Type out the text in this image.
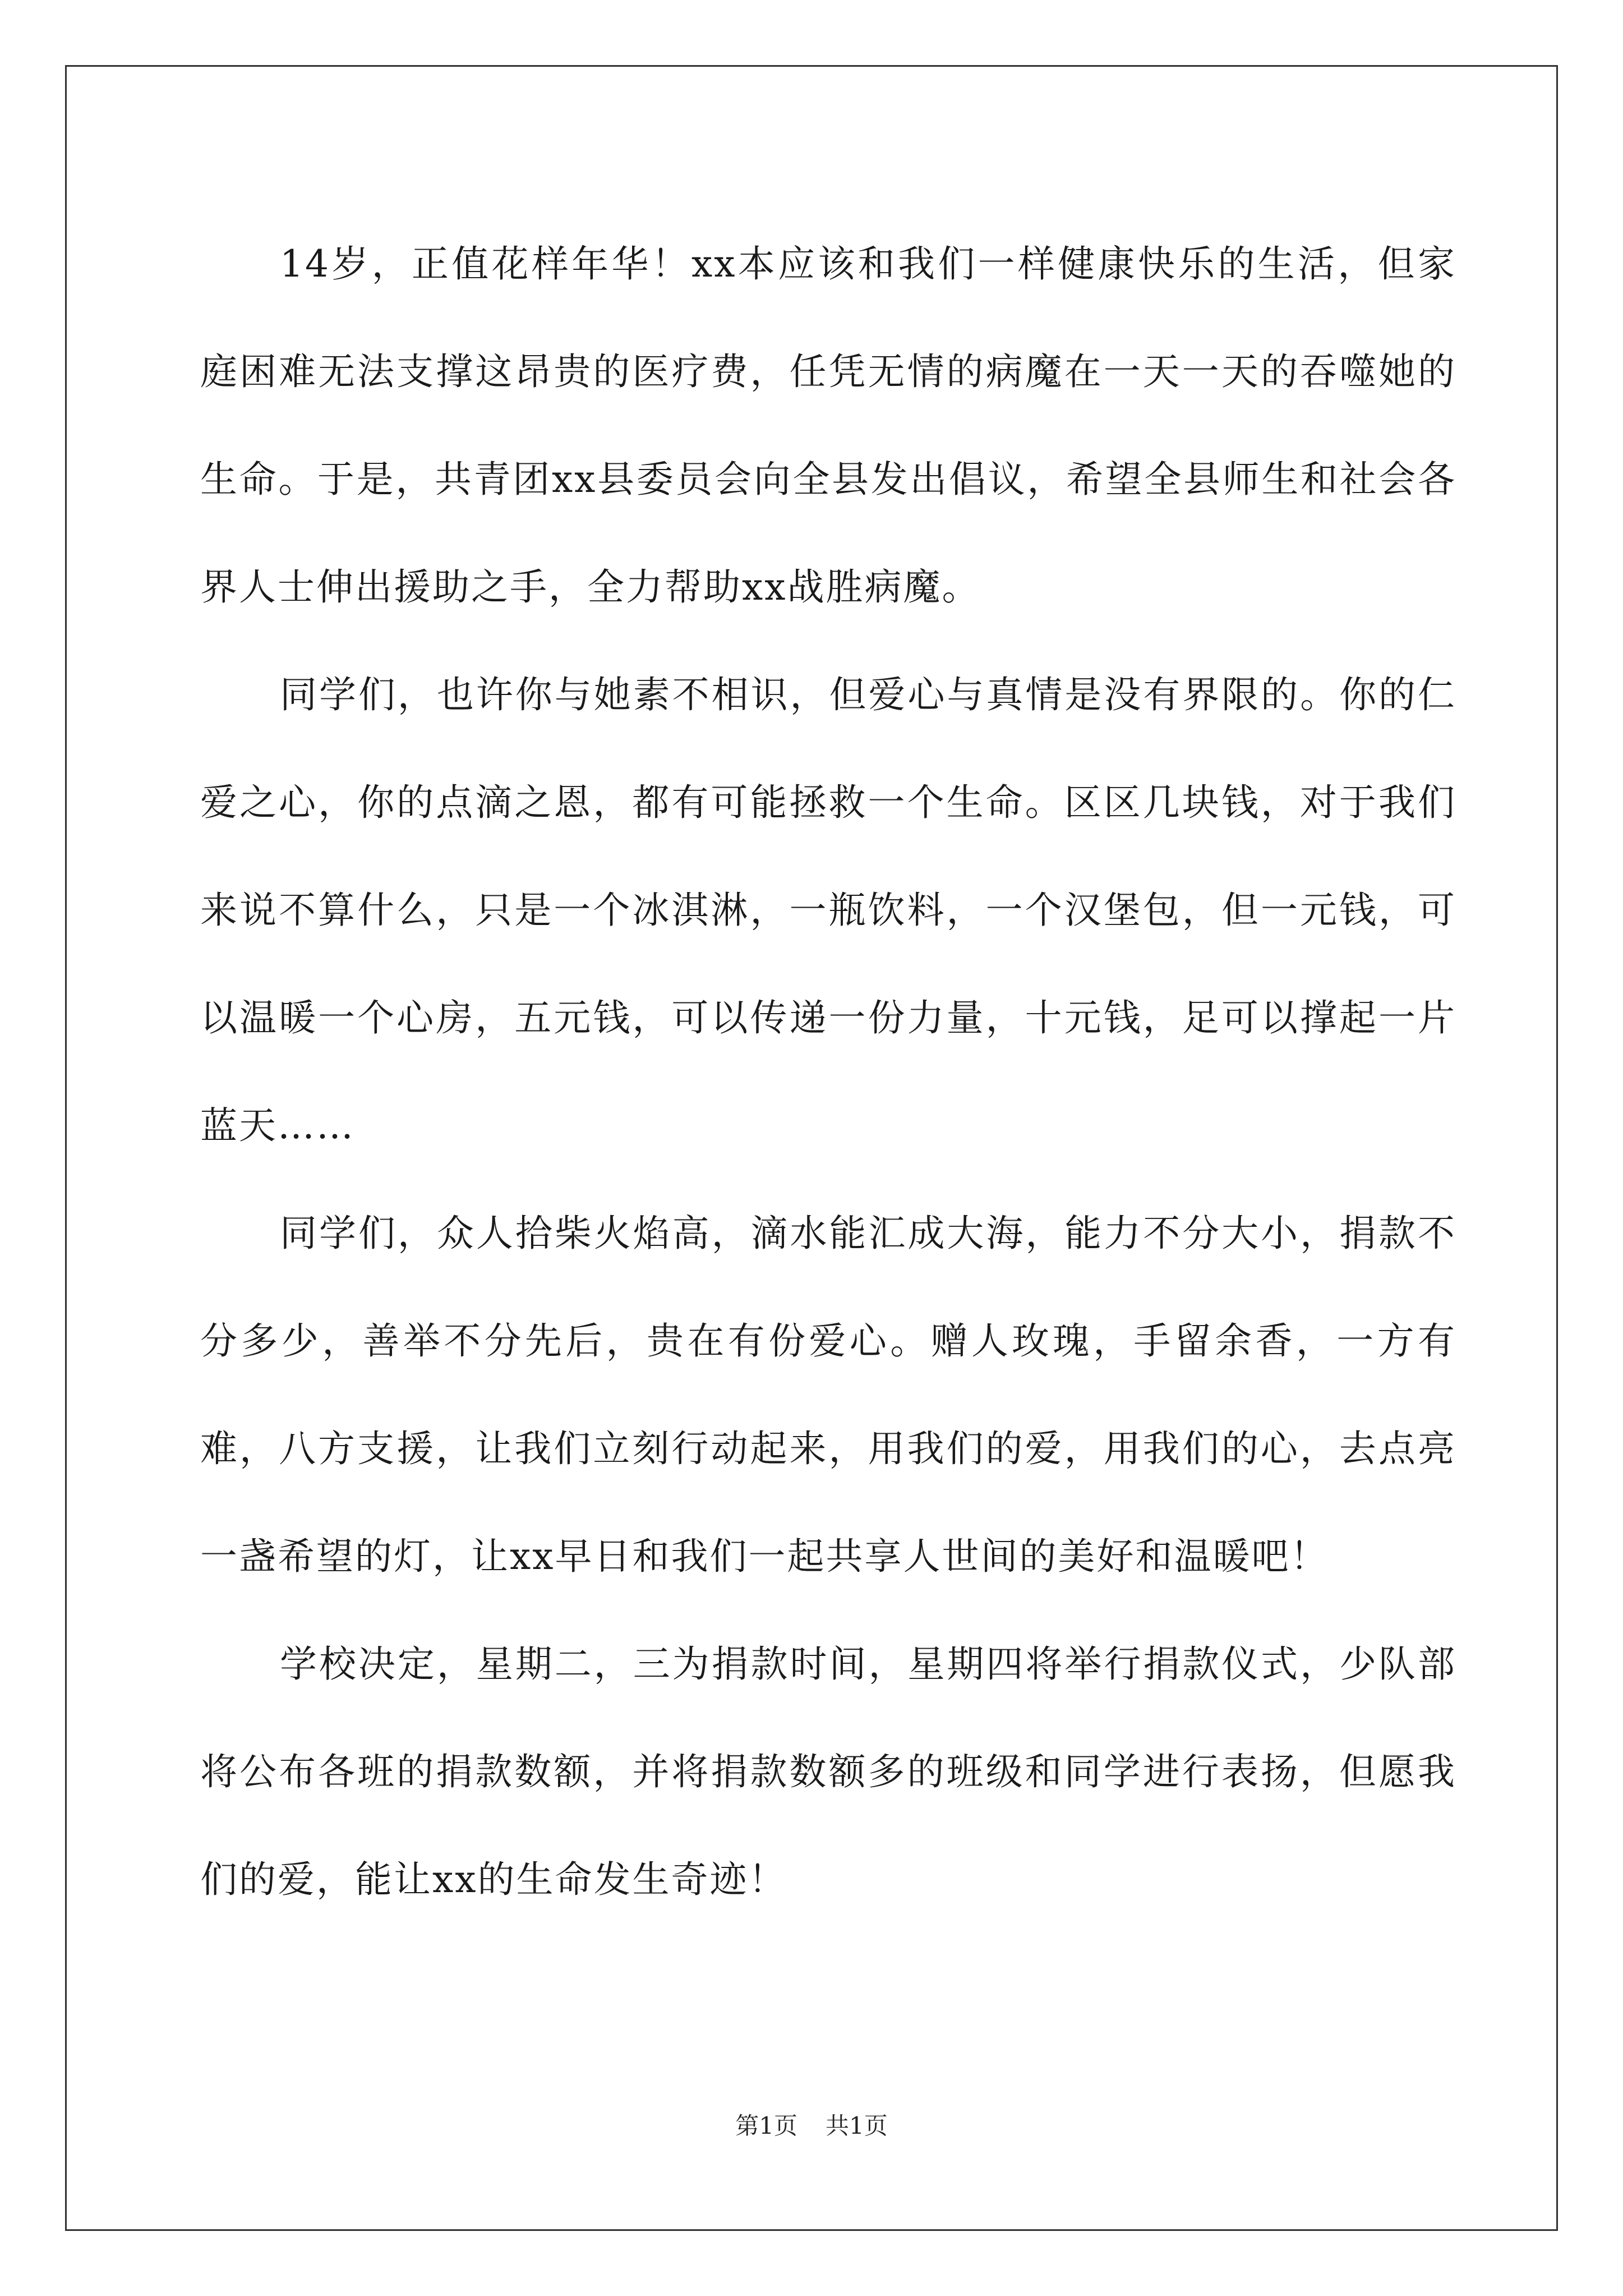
14岁，正值花样年华！xx本应该和我们一样健康快乐的生活，但家庭困难无法支撑这昂贵的医疗费，任凭无情的病魔在一天一天的吞噬她的生命。于是，共青团xx县委员会向全县发出倡议，希望全县师生和社会各界人士伸出援助之手，全力帮助xx战胜病魔。

同学们，也许你与她素不相识，但爱心与真情是没有界限的。你的仁爱之心，你的点滴之恩，都有可能拯救一个生命。区区几块钱，对于我们来说不算什么，只是一个冰淇淋，一瓶饮料，一个汉堡包，但一元钱，可以温暖一个心房，五元钱，可以传递一份力量，十元钱，足可以撑起一片蓝天……

同学们，众人拾柴火焰高，滴水能汇成大海，能力不分大小，捐款不分多少，善举不分先后，贵在有份爱心。赠人玫瑰，手留余香，一方有难，八方支援，让我们立刻行动起来，用我们的爱，用我们的心，去点亮一盏希望的灯，让xx早日和我们一起共享人世间的美好和温暖吧！

学校决定，星期二，三为捐款时间，星期四将举行捐款仪式，少队部将公布各班的捐款数额，并将捐款数额多的班级和同学进行表扬，但愿我们的爱，能让xx的生命发生奇迹！

第1页 共1页
